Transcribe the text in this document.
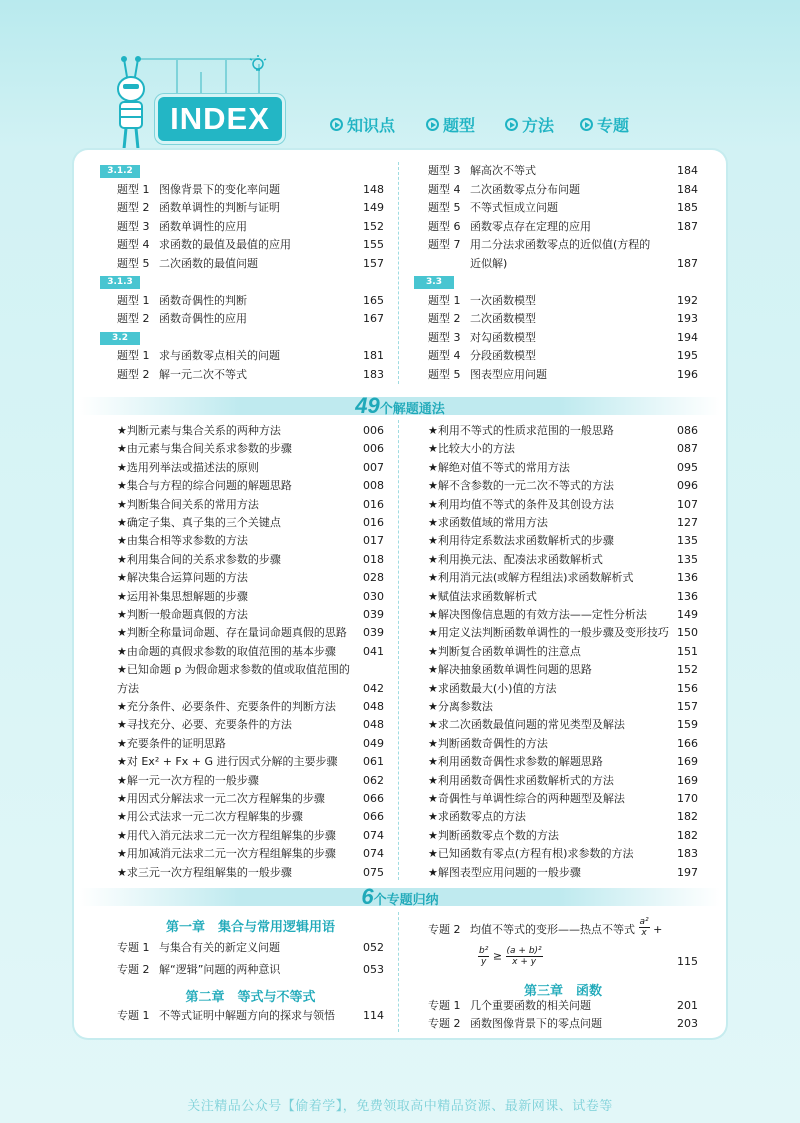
INDEX	知识点	题型	方法	专题
3.1.2
题型 1 图像背景下的变化率问题	148
题型 2 函数单调性的判断与证明	149
题型 3 函数单调性的应用	152
题型 4 求函数的最值及最值的应用	155
题型 5 二次函数的最值问题	157
3.1.3
题型 1 函数奇偶性的判断	165
题型 2 函数奇偶性的应用	167
3.2
题型 1 求与函数零点相关的问题	181
题型 2 解一元二次不等式	183
题型 3 解高次不等式	184
题型 4 二次函数零点分布问题	184
题型 5 不等式恒成立问题	185
题型 6 函数零点存在定理的应用	187
题型 7 用二分法求函数零点的近似值(方程的
近似解)	187
3.3
题型 1 一次函数模型	192
题型 2 二次函数模型	193
题型 3 对勾函数模型	194
题型 4 分段函数模型	195
题型 5 图表型应用问题	196
49个解题通法
★判断元素与集合关系的两种方法	006
★由元素与集合间关系求参数的步骤	006
★选用列举法或描述法的原则	007
★集合与方程的综合问题的解题思路	008
★判断集合间关系的常用方法	016
★确定子集、真子集的三个关键点	016
★由集合相等求参数的方法	017
★利用集合间的关系求参数的步骤	018
★解决集合运算问题的方法	028
★运用补集思想解题的步骤	030
★判断一般命题真假的方法	039
★判断全称量词命题、存在量词命题真假的思路 039
★由命题的真假求参数的取值范围的基本步骤 041
★已知命题 p 为假命题求参数的值或取值范围的
方法	042
★充分条件、必要条件、充要条件的判断方法 048
★寻找充分、必要、充要条件的方法	048
★充要条件的证明思路	049
★对 Ex² + Fx + G 进行因式分解的主要步骤 061
★解一元一次方程的一般步骤	062
★用因式分解法求一元二次方程解集的步骤	066
★用公式法求一元二次方程解集的步骤	066
★用代入消元法求二元一次方程组解集的步骤 074
★用加减消元法求二元一次方程组解集的步骤 074
★求三元一次方程组解集的一般步骤	075
★利用不等式的性质求范围的一般思路	086
★比较大小的方法	087
★解绝对值不等式的常用方法	095
★解不含参数的一元二次不等式的方法	096
★利用均值不等式的条件及其创设方法	107
★求函数值域的常用方法	127
★利用待定系数法求函数解析式的步骤	135
★利用换元法、配凑法求函数解析式	135
★利用消元法(或解方程组法)求函数解析式	136
★赋值法求函数解析式	136
★解决图像信息题的有效方法——定性分析法	149
★用定义法判断函数单调性的一般步骤及变形技巧 150
★判断复合函数单调性的注意点	151
★解决抽象函数单调性问题的思路	152
★求函数最大(小)值的方法	156
★分离参数法	157
★求二次函数最值问题的常见类型及解法	159
★判断函数奇偶性的方法	166
★利用函数奇偶性求参数的解题思路	169
★利用函数奇偶性求函数解析式的方法	169
★奇偶性与单调性综合的两种题型及解法	170
★求函数零点的方法	182
★判断函数零点个数的方法	182
★已知函数有零点(方程有根)求参数的方法	183
★解图表型应用问题的一般步骤	197
6个专题归纳
第一章　集合与常用逻辑用语
专题 1 与集合有关的新定义问题	052
专题 2 解“逻辑”问题的两种意识	053
第二章　等式与不等式
专题 1 不等式证明中解题方向的探求与领悟	114
专题 2 均值不等式的变形——热点不等式 $\frac{\text{a²}}{x}$ +
$\frac{\text{b²}}{y} \ge \frac{\text{(a + b)²}}{x + y}$	115
第三章　函数
专题 1 几个重要函数的相关问题	201
专题 2 函数图像背景下的零点问题	203
关注精品公众号【偷着学】，免费领取高中精品资源、最新网课、试卷等
